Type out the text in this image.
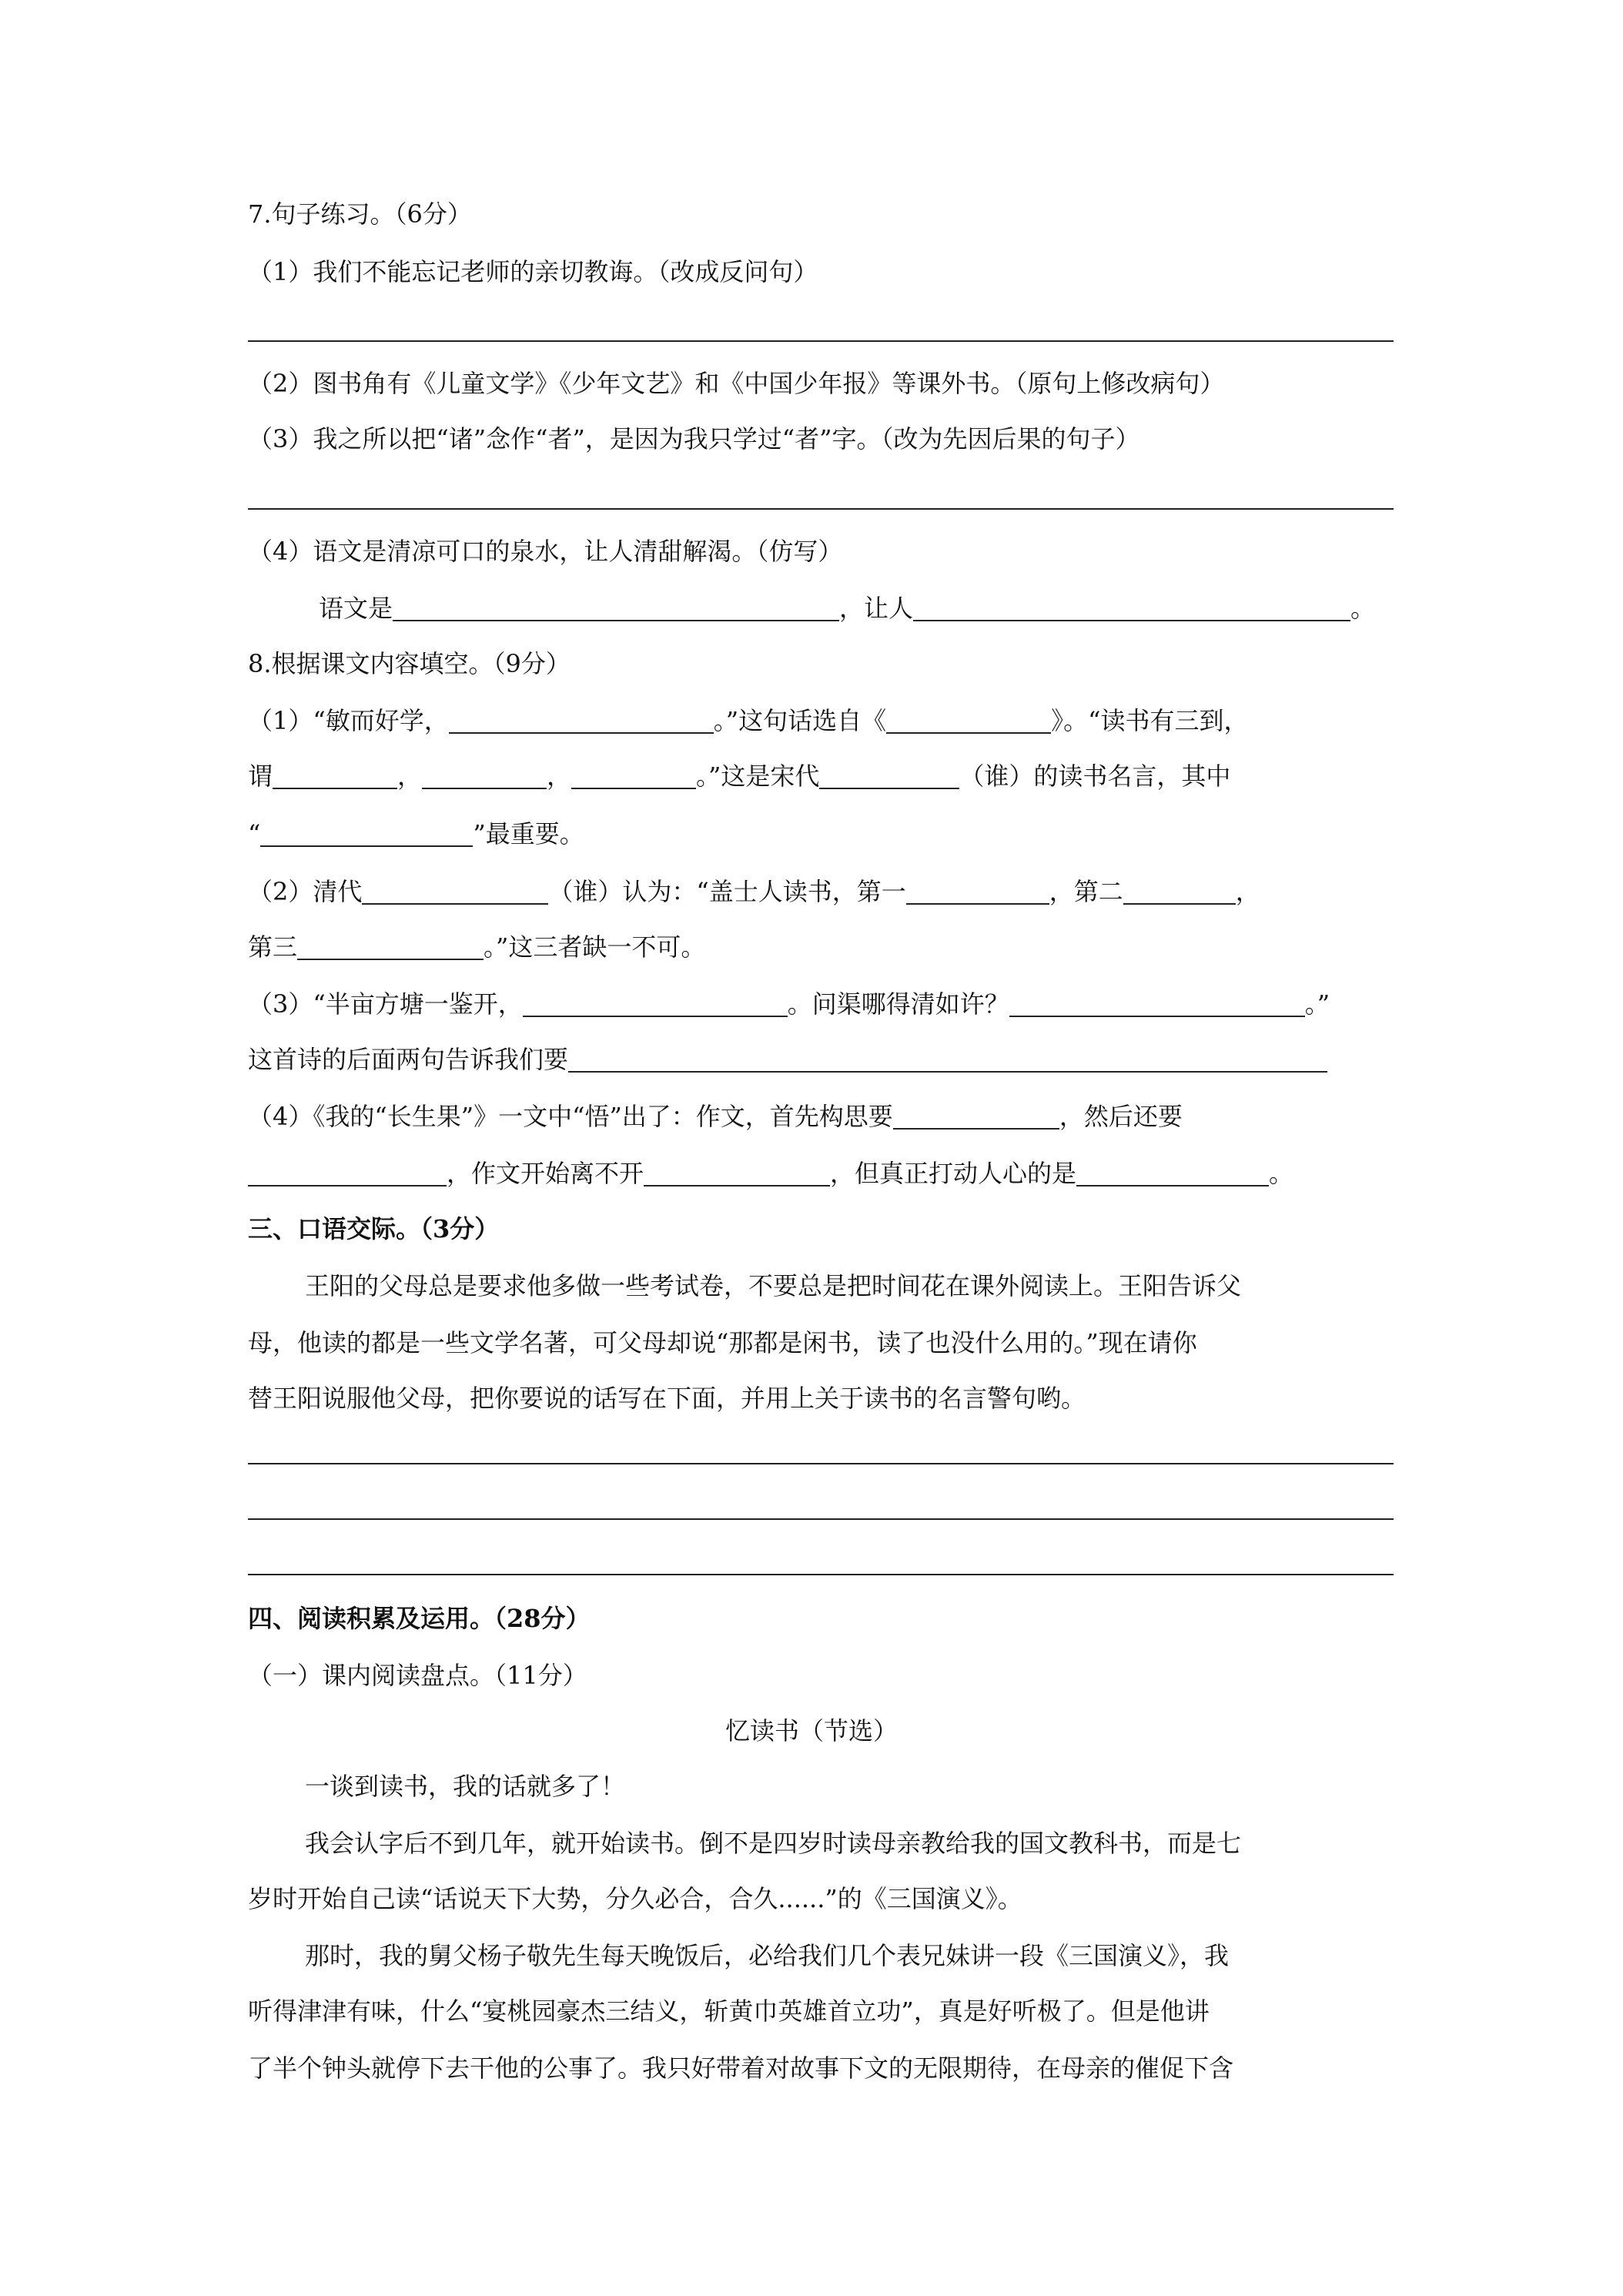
7.句子练习。（6分）
（1）我们不能忘记老师的亲切教诲。（改成反问句）
（2）图书角有《儿童文学》《少年文艺》和《中国少年报》等课外书。（原句上修改病句）
（3）我之所以把“诸”念作“者”，是因为我只学过“者”字。（改为先因后果的句子）
（4）语文是清凉可口的泉水，让人清甜解渴。（仿写）
语文是	，让人	。
8.根据课文内容填空。（9分）
（1）“敏而好学，	。”这句话选自《	》。“读书有三到，
谓	，	，	。”这是宋代	（谁）的读书名言，其中
“	”最重要。
（2）清代	（谁）认为：“盖士人读书，第一	，第二	，
第三	。”这三者缺一不可。
（3）“半亩方塘一鉴开，	。问渠哪得清如许？	。”
这首诗的后面两句告诉我们要
（4）《我的“长生果”》一文中“悟”出了：作文，首先构思要	，然后还要
，作文开始离不开	，但真正打动人心的是	。
三、口语交际。（3分）
王阳的父母总是要求他多做一些考试卷，不要总是把时间花在课外阅读上。王阳告诉父
母，他读的都是一些文学名著，可父母却说“那都是闲书，读了也没什么用的。”现在请你
替王阳说服他父母，把你要说的话写在下面，并用上关于读书的名言警句哟。
四、阅读积累及运用。（28分）
（一）课内阅读盘点。（11分）
忆读书（节选）
一谈到读书，我的话就多了！
我会认字后不到几年，就开始读书。倒不是四岁时读母亲教给我的国文教科书，而是七
岁时开始自己读“话说天下大势，分久必合，合久......”的《三国演义》。
那时，我的舅父杨子敬先生每天晚饭后，必给我们几个表兄妹讲一段《三国演义》，我
听得津津有味，什么“宴桃园豪杰三结义，斩黄巾英雄首立功”，真是好听极了。但是他讲
了半个钟头就停下去干他的公事了。我只好带着对故事下文的无限期待，在母亲的催促下含
